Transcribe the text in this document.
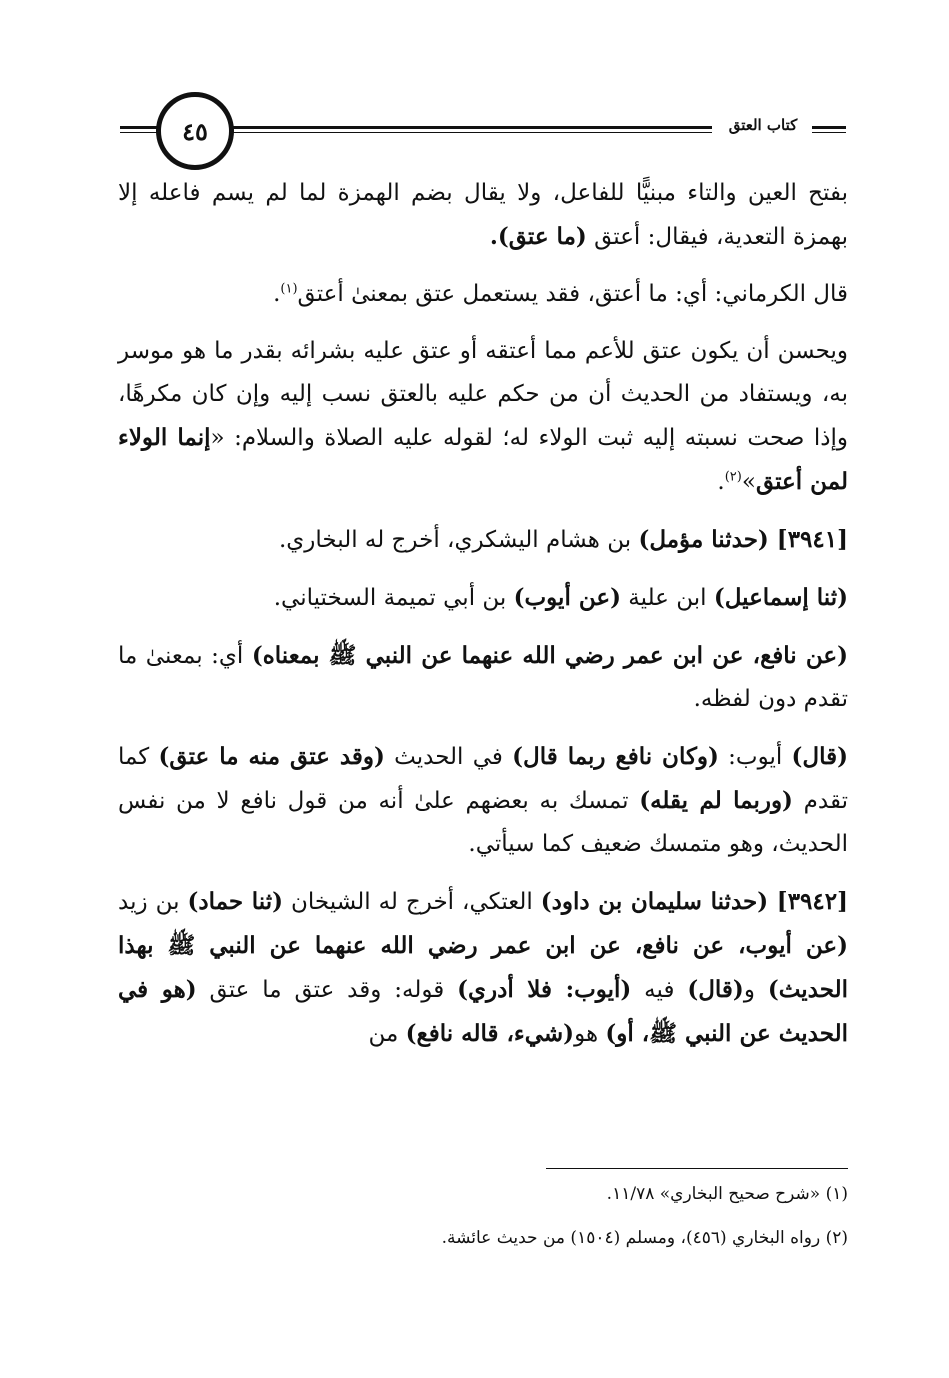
٤٥	كتاب العتق

بفتح العين والتاء مبنيًّا للفاعل، ولا يقال بضم الهمزة لما لم يسم فاعله إلا بهمزة التعدية، فيقال: أعتق (ما عتق).

قال الكرماني: أي: ما أعتق، فقد يستعمل عتق بمعنىٰ أعتق$^{(١)}$.

ويحسن أن يكون عتق للأعم مما أعتقه أو عتق عليه بشرائه بقدر ما هو موسر به، ويستفاد من الحديث أن من حكم عليه بالعتق نسب إليه وإن كان مكرهًا، وإذا صحت نسبته إليه ثبت الولاء له؛ لقوله عليه الصلاة والسلام: «إنما الولاء لمن أعتق»$^{(٢)}$.

[٣٩٤١] (حدثنا مؤمل) بن هشام اليشكري، أخرج له البخاري.

(ثنا إسماعيل) ابن علية (عن أيوب) بن أبي تميمة السختياني.

(عن نافع، عن ابن عمر رضي الله عنهما عن النبي ﷺ بمعناه) أي: بمعنىٰ ما تقدم دون لفظه.

(قال) أيوب: (وكان نافع ربما قال) في الحديث (وقد عتق منه ما عتق) كما تقدم (وربما لم يقله) تمسك به بعضهم علىٰ أنه من قول نافع لا من نفس الحديث، وهو متمسك ضعيف كما سيأتي.

[٣٩٤٢] (حدثنا سليمان بن داود) العتكي، أخرج له الشيخان (ثنا حماد) بن زيد (عن أيوب، عن نافع، عن ابن عمر رضي الله عنهما عن النبي ﷺ بهذا الحديث) و(قال) فيه (أيوب: فلا أدري) قوله: وقد عتق ما عتق (هو في الحديث عن النبي ﷺ، أو) هو(شيء، قاله نافع) من

(١) «شرح صحيح البخاري» ١١/٧٨.

(٢) رواه البخاري (٤٥٦)، ومسلم (١٥٠٤) من حديث عائشة.
